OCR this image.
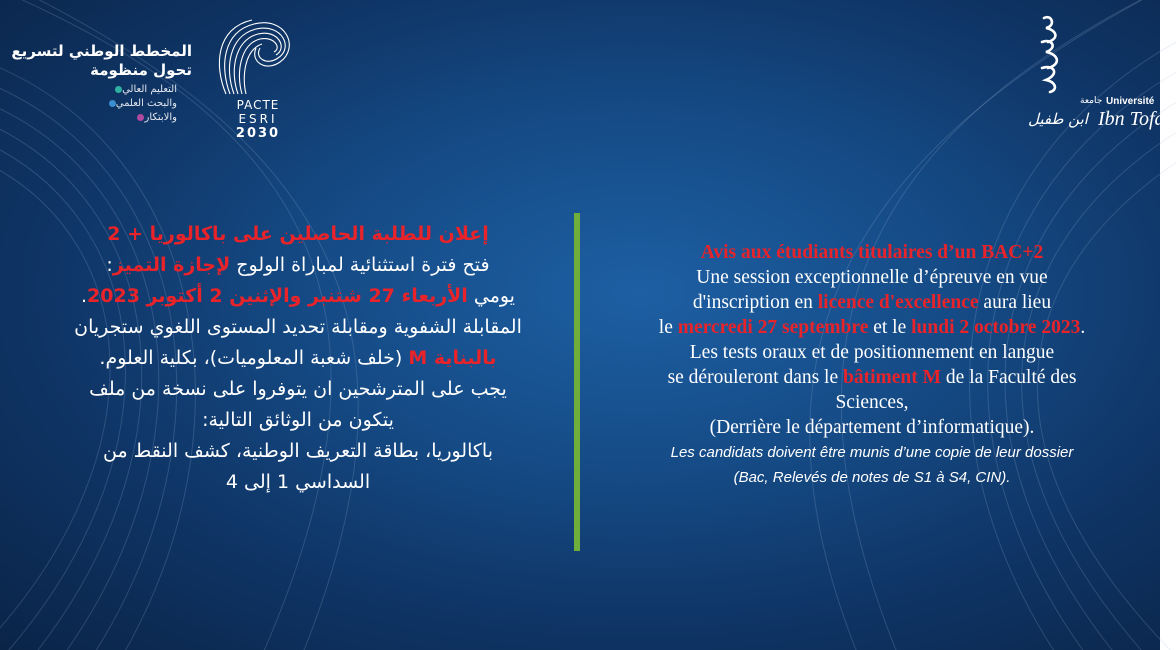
المخطط الوطني لتسريع
تحول منظومة
التعليم العالي
والبحث العلمي
والابتكار
PACTE
ESRI
2030
جامعة Université
ابن طفيل Ibn Tofail

إعلان للطلبة الحاصلين على باكالوريا + 2

فتح فترة استثنائية لمباراة الولوج لإجازة التميز:

يومي الأربعاء 27 شتنبر والإثنين 2 أكتوبر 2023.

المقابلة الشفوية ومقابلة تحديد المستوى اللغوي ستجريان

بالبناية M (خلف شعبة المعلوميات)، بكلية العلوم.

يجب على المترشحين ان يتوفروا على نسخة من ملف

يتكون من الوثائق التالية:

باكالوريا، بطاقة التعريف الوطنية، كشف النقط من

السداسي 1 إلى 4

Avis aux étudiants titulaires d’un BAC+2

Une session exceptionnelle d’épreuve en vue

d'inscription en licence d'excellence aura lieu

le mercredi 27 septembre et le lundi 2 octobre 2023.

Les tests oraux et de positionnement en langue

se dérouleront dans le bâtiment M de la Faculté des

Sciences,

(Derrière le département d’informatique).

Les candidats doivent être munis d’une copie de leur dossier

(Bac, Relevés de notes de S1 à S4, CIN).
